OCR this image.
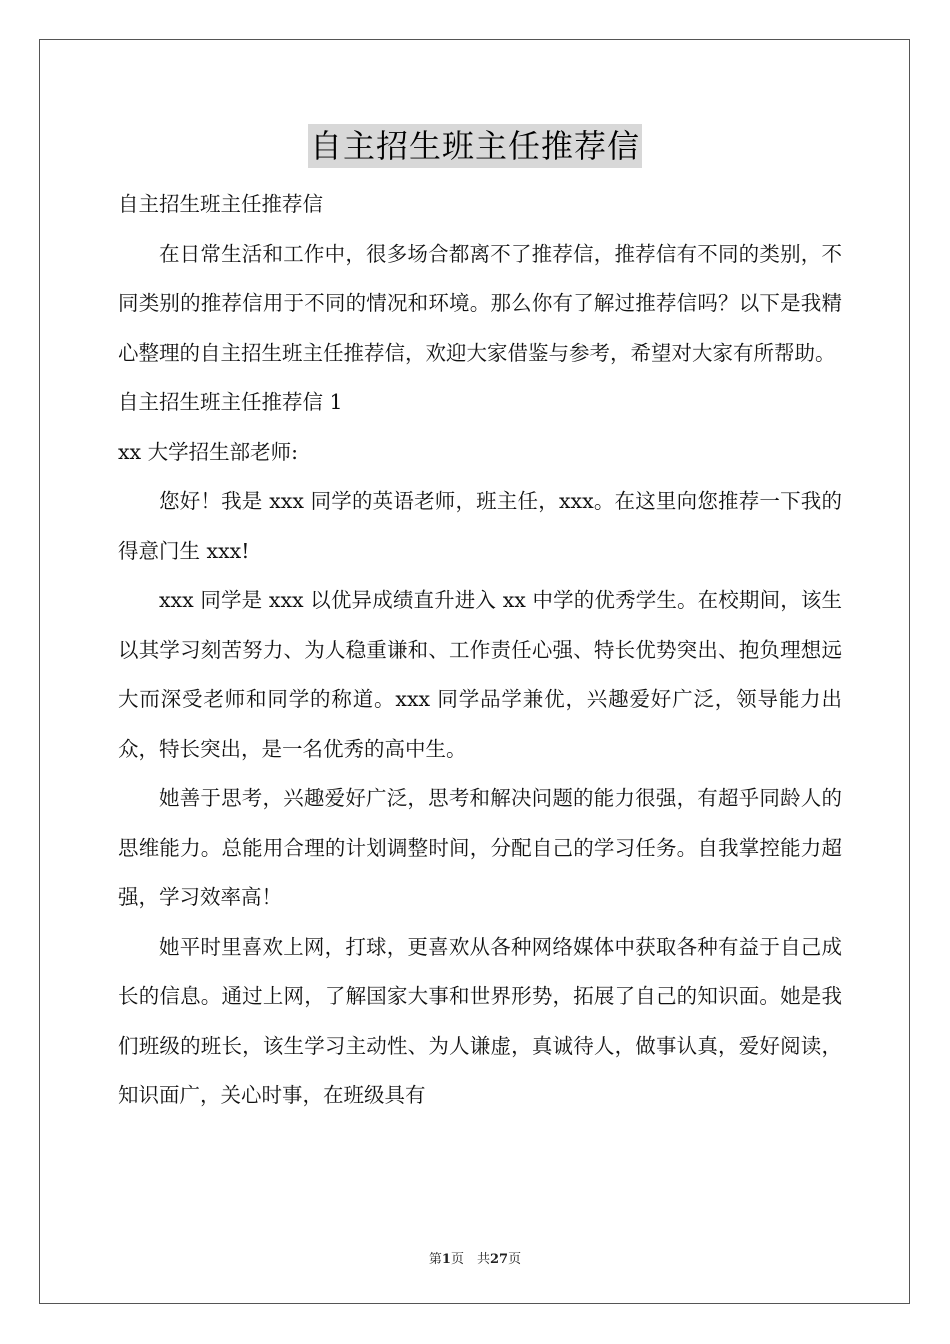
自主招生班主任推荐信

自主招生班主任推荐信

在日常生活和工作中，很多场合都离不了推荐信，推荐信有不同的类别，不同类别的推荐信用于不同的情况和环境。那么你有了解过推荐信吗？以下是我精心整理的自主招生班主任推荐信，欢迎大家借鉴与参考，希望对大家有所帮助。

自主招生班主任推荐信 1

xx 大学招生部老师:

您好！我是 xxx 同学的英语老师，班主任，xxx。在这里向您推荐一下我的得意门生 xxx!

xxx 同学是 xxx 以优异成绩直升进入 xx 中学的优秀学生。在校期间，该生以其学习刻苦努力、为人稳重谦和、工作责任心强、特长优势突出、抱负理想远大而深受老师和同学的称道。xxx 同学品学兼优，兴趣爱好广泛，领导能力出众，特长突出，是一名优秀的高中生。

她善于思考，兴趣爱好广泛，思考和解决问题的能力很强，有超乎同龄人的思维能力。总能用合理的计划调整时间，分配自己的学习任务。自我掌控能力超强，学习效率高！

她平时里喜欢上网，打球，更喜欢从各种网络媒体中获取各种有益于自己成长的信息。通过上网，了解国家大事和世界形势，拓展了自己的知识面。她是我们班级的班长，该生学习主动性、为人谦虚，真诚待人，做事认真，爱好阅读，知识面广，关心时事，在班级具有

第1页　共27页
